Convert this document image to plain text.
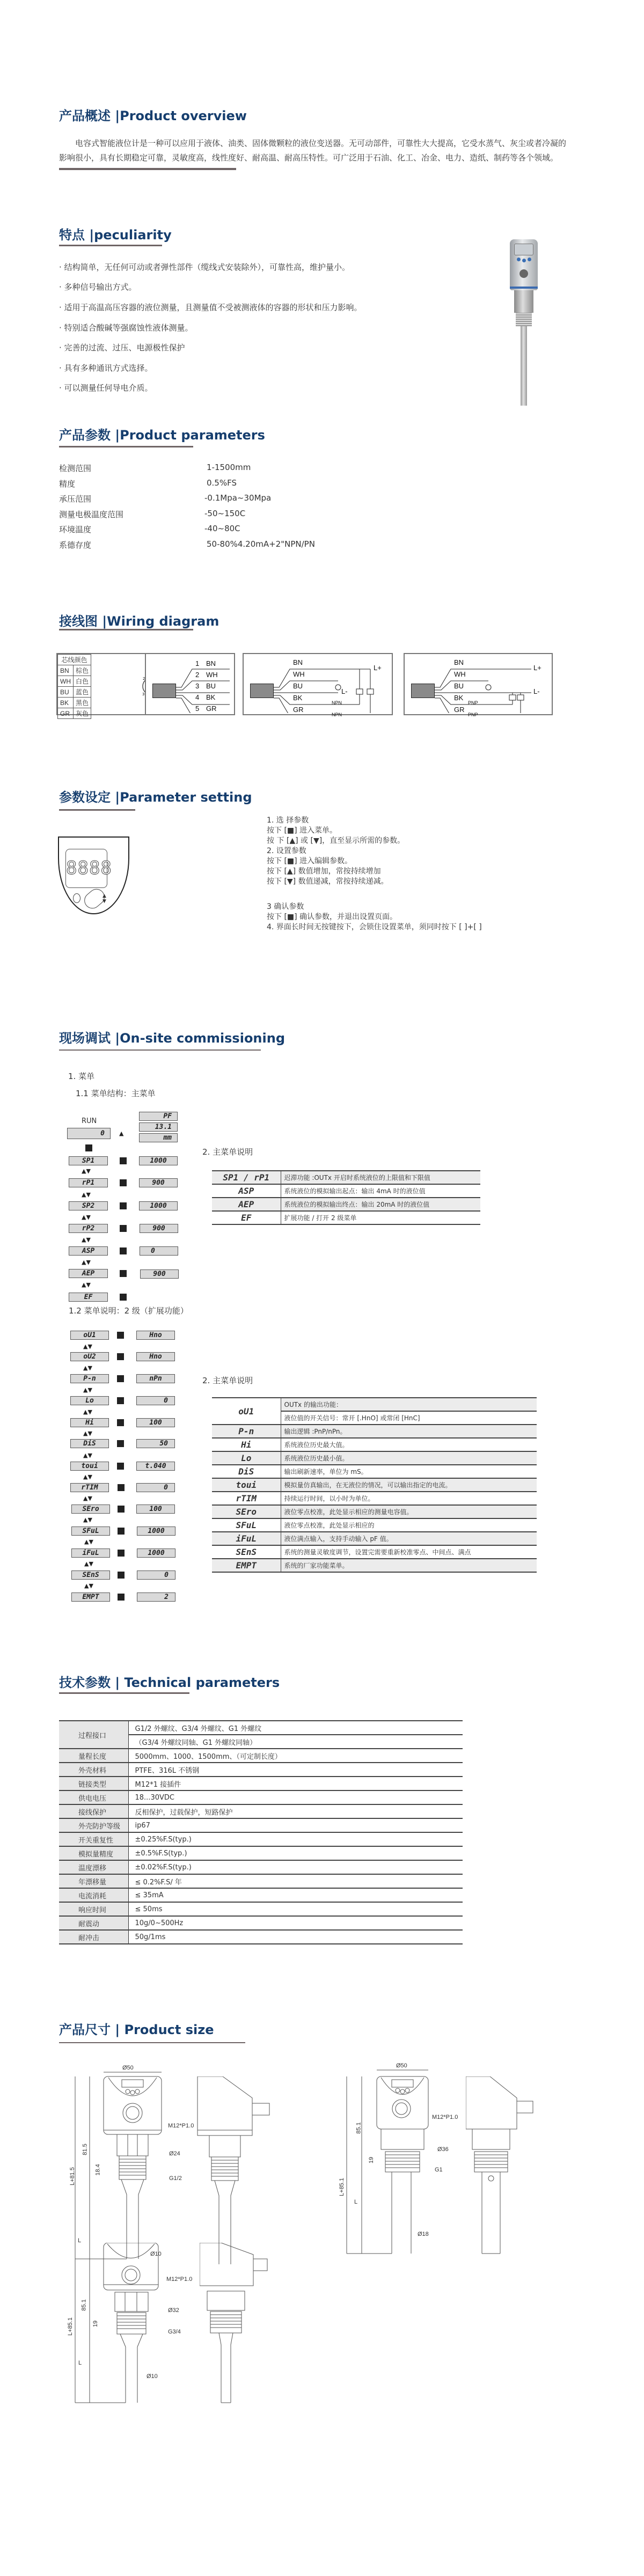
产品概述 |Product overview
电容式智能液位计是一种可以应用于液体、油类、固体微颗粒的液位变送器。无可动部件，可靠性大大提高，它受水蒸气、灰尘或者冷凝的影响很小，具有长期稳定可靠，灵敏度高，线性度好、耐高温、耐高压特性。可广泛用于石油、化工、冶金、电力、造纸、制药等各个领域。
特点 |peculiarity
· 结构简单，无任何可动或者弹性部件（缆线式安装除外），可靠性高，维护量小。
· 多种信号输出方式。
· 适用于高温高压容器的液位测量，且测量值不受被测液体的容器的形状和压力影响。
· 特别适合酸碱等强腐蚀性液体测量。
· 完善的过流、过压、电源极性保护
· 具有多种通讯方式选择。
· 可以测量任何导电介质。
产品参数 |Product parameters
检测范围	1-1500mm
精度	0.5%FS
承压范围	-0.1Mpa~30Mpa
测量电极温度范围	-50~150C
环境温度	-40~80C
系德存度	50-80%4.20mA+2"NPN/PN
接线图 |Wiring diagram
芯线颜色	
BN	棕色
WH	白色
BU	蓝色
BK	黑色
GR	灰色
2
3
1 BN
2 WH
3 BU
4 BK
5 GR
BN
WH
BU
BK
GR
L+
L-
NPN
NPN
BN
WH
BU
BK
GR
L+
L-
PNP
PNP
参数设定 |Parameter setting
8888
▲
▼
1. 选 择参数
按下 [■] 进入菜单。
按 下 [▲] 或 [▼]，直至显示所需的参数。
2. 设置参数
按下 [■] 进入编辑参数。
按下 [▲] 数值增加，常按持续增加
按下 [▼] 数值递减，常按持续递减。
3 确认参数
按下 [■] 确认参数，并退出设置页面。
4. 界面长时间无按键按下，会锁住设置菜单，须同时按下 [ ]+[ ]
现场调试 |On-site commissioning
1. 菜单
1.1 菜单结构：主菜单
RUN
0	▲
PF
13.1
mm
SP1	1000
▲▼
rP1	900
▲▼
SP2	1000
▲▼
rP2	900
▲▼
ASP	0
▲▼
AEP	900
▲▼
EF
1.2 菜单说明：2 级（扩展功能）
oU1	Hno
▲▼
oU2	Hno
▲▼
P-n	nPn
▲▼
Lo	0
▲▼
Hi	100
▲▼
DiS	50
▲▼
toui	t.040
▲▼
rTIM	0
▲▼
SEro	100
▲▼
SFuL	1000
▲▼
iFuL	1000
▲▼
SEnS	0
▲▼
EMPT	2
2. 主菜单说明
SP1 / rP1	迟滞功能 :OUTx 开启时系统液位的上限值和下限值
ASP	系统液位的模拟输出起点：输出 4mA 时的液位值
AEP	系统液位的模拟输出终点：输出 20mA 时的液位值
EF	扩展功能 / 打开 2 级菜单
2. 主菜单说明
oU1	OUTx 的输出功能：
	液位值的开关信号：常开 [.HnO] 或常闭 [HnC]
P-n	输出逻辑 :PnP/nPn。
Hi	系统液位历史最大值。
Lo	系统液位历史最小值。
DiS	输出刷新速率，单位为 mS。
toui	模拟量仿真输出，在无液位的情况，可以输出指定的电流。
rTIM	持续运行时间，以小时为单位。
SEro	液位零点校准，此处显示相应的测量电容值。
SFuL	液位零点校准，此处显示相应的
iFuL	液位满点输入，支持手动输入 pF 值。
SEnS	系统的测量灵敏度调节，设置完需要重新校准零点、中间点、满点
EMPT	系统的厂家功能菜单。
技术参数 | Technical parameters
过程接口	G1/2 外螺纹、G3/4 外螺纹、G1 外螺纹
	（G3/4 外螺纹同轴、G1 外螺纹同轴）
量程长度	5000mm、1000、1500mm、（可定制长度）
外壳材料	PTFE、316L 不锈钢
链接类型	M12*1 接插件
供电电压	18...30VDC
接线保护	反相保护，过载保护，短路保护
外壳防护等级	ip67
开关重复性	±0.25%F.S(typ.)
模拟量精度	±0.5%F.S(typ.)
温度漂移	±0.02%F.S(typ.)
年漂移量	≤ 0.2%F.S/ 年
电流消耗	≤ 35mA
响应时间	≤ 50ms
耐震动	10g/0~500Hz
耐冲击	50g/1ms
产品尺寸 | Product size
Ø50
L+81.5
81.5
18.4
L
M12*P1.0
Ø24
G1/2
Ø10
Ø50
L+85.1
85.1
19
L
M12*P1.0
Ø36
G1
Ø18
L+85.1
85.1
19
L
M12*P1.0
Ø32
G3/4
Ø10
